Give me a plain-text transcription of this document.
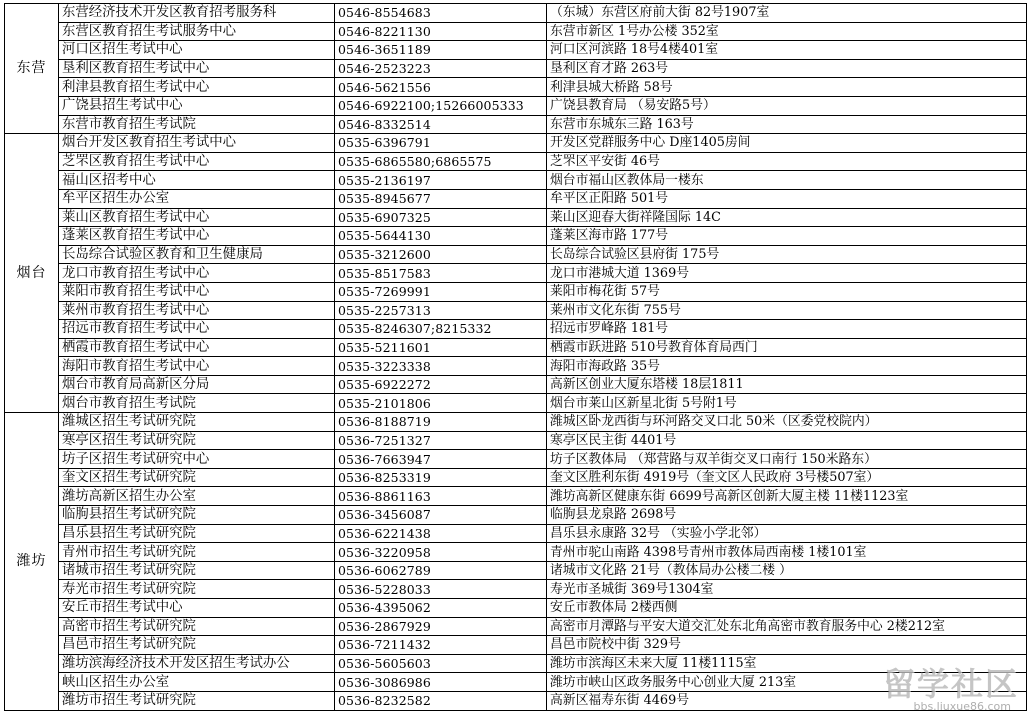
东营	东营经济技术开发区教育招考服务科	0546-8554683	（东城）东营区府前大街 82号1907室
	东营区教育招生考试服务中心	0546-8221130	东营市新区 1号办公楼 352室
	河口区招生考试中心	0546-3651189	河口区河滨路 18号4楼401室
	垦利区教育招生考试中心	0546-2523223	垦利区育才路 263号
	利津县教育招生考试中心	0546-5621556	利津县城大桥路 58号
	广饶县招生考试中心	0546-6922100;15266005333	广饶县教育局 （易安路5号）
	东营市教育招生考试院	0546-8332514	东营市东城东三路 163号
烟台	烟台开发区教育招生考试中心	0535-6396791	开发区党群服务中心 D座1405房间
	芝罘区教育招生考试中心	0535-6865580;6865575	芝罘区平安街 46号
	福山区招考中心	0535-2136197	烟台市福山区教体局一楼东
	牟平区招生办公室	0535-8945677	牟平区正阳路 501号
	莱山区教育招生考试中心	0535-6907325	莱山区迎春大街祥隆国际 14C
	蓬莱区教育招生考试中心	0535-5644130	蓬莱区海市路 177号
	长岛综合试验区教育和卫生健康局	0535-3212600	长岛综合试验区县府街 175号
	龙口市教育招生考试中心	0535-8517583	龙口市港城大道 1369号
	莱阳市教育招生考试中心	0535-7269991	莱阳市梅花街 57号
	莱州市教育招生考试中心	0535-2257313	莱州市文化东街 755号
	招远市教育招生考试中心	0535-8246307;8215332	招远市罗峰路 181号
	栖霞市教育招生考试中心	0535-5211601	栖霞市跃进路 510号教育体育局西门
	海阳市教育招生考试中心	0535-3223338	海阳市海政路 35号
	烟台市教育局高新区分局	0535-6922272	高新区创业大厦东塔楼 18层1811
	烟台市教育招生考试院	0535-2101806	烟台市莱山区新星北街 5号附1号
潍坊	潍城区招生考试研究院	0536-8188719	潍城区卧龙西街与环河路交叉口北 50米（区委党校院内）
	寒亭区招生考试研究院	0536-7251327	寒亭区民主街 4401号
	坊子区招生考试研究中心	0536-7663947	坊子区教体局 （郑营路与双羊街交叉口南行 150米路东）
	奎文区招生考试研究院	0536-8253319	奎文区胜利东街 4919号（奎文区人民政府 3号楼507室）
	潍坊高新区招生办公室	0536-8861163	潍坊高新区健康东街 6699号高新区创新大厦主楼 11楼1123室
	临朐县招生考试研究院	0536-3456087	临朐县龙泉路 2698号
	昌乐县招生考试研究院	0536-6221438	昌乐县永康路 32号 （实验小学北邻）
	青州市招生考试研究院	0536-3220958	青州市驼山南路 4398号青州市教体局西南楼 1楼101室
	诸城市招生考试研究院	0536-6062789	诸城市文化路 21号（教体局办公楼二楼 ）
	寿光市招生考试研究院	0536-5228033	寿光市圣城街 369号1304室
	安丘市招生考试中心	0536-4395062	安丘市教体局 2楼西侧
	高密市招生考试研究院	0536-2867929	高密市月潭路与平安大道交汇处东北角高密市教育服务中心 2楼212室
	昌邑市招生考试研究院	0536-7211432	昌邑市院校中街 329号
	潍坊滨海经济技术开发区招生考试办公	0536-5605603	潍坊市滨海区未来大厦 11楼1115室
	峡山区招生办公室	0536-3086986	潍坊市峡山区政务服务中心创业大厦 213室
	潍坊市招生考试研究院	0536-8232582	高新区福寿东街 4469号	留学社区
bbs.liuxue86.com
